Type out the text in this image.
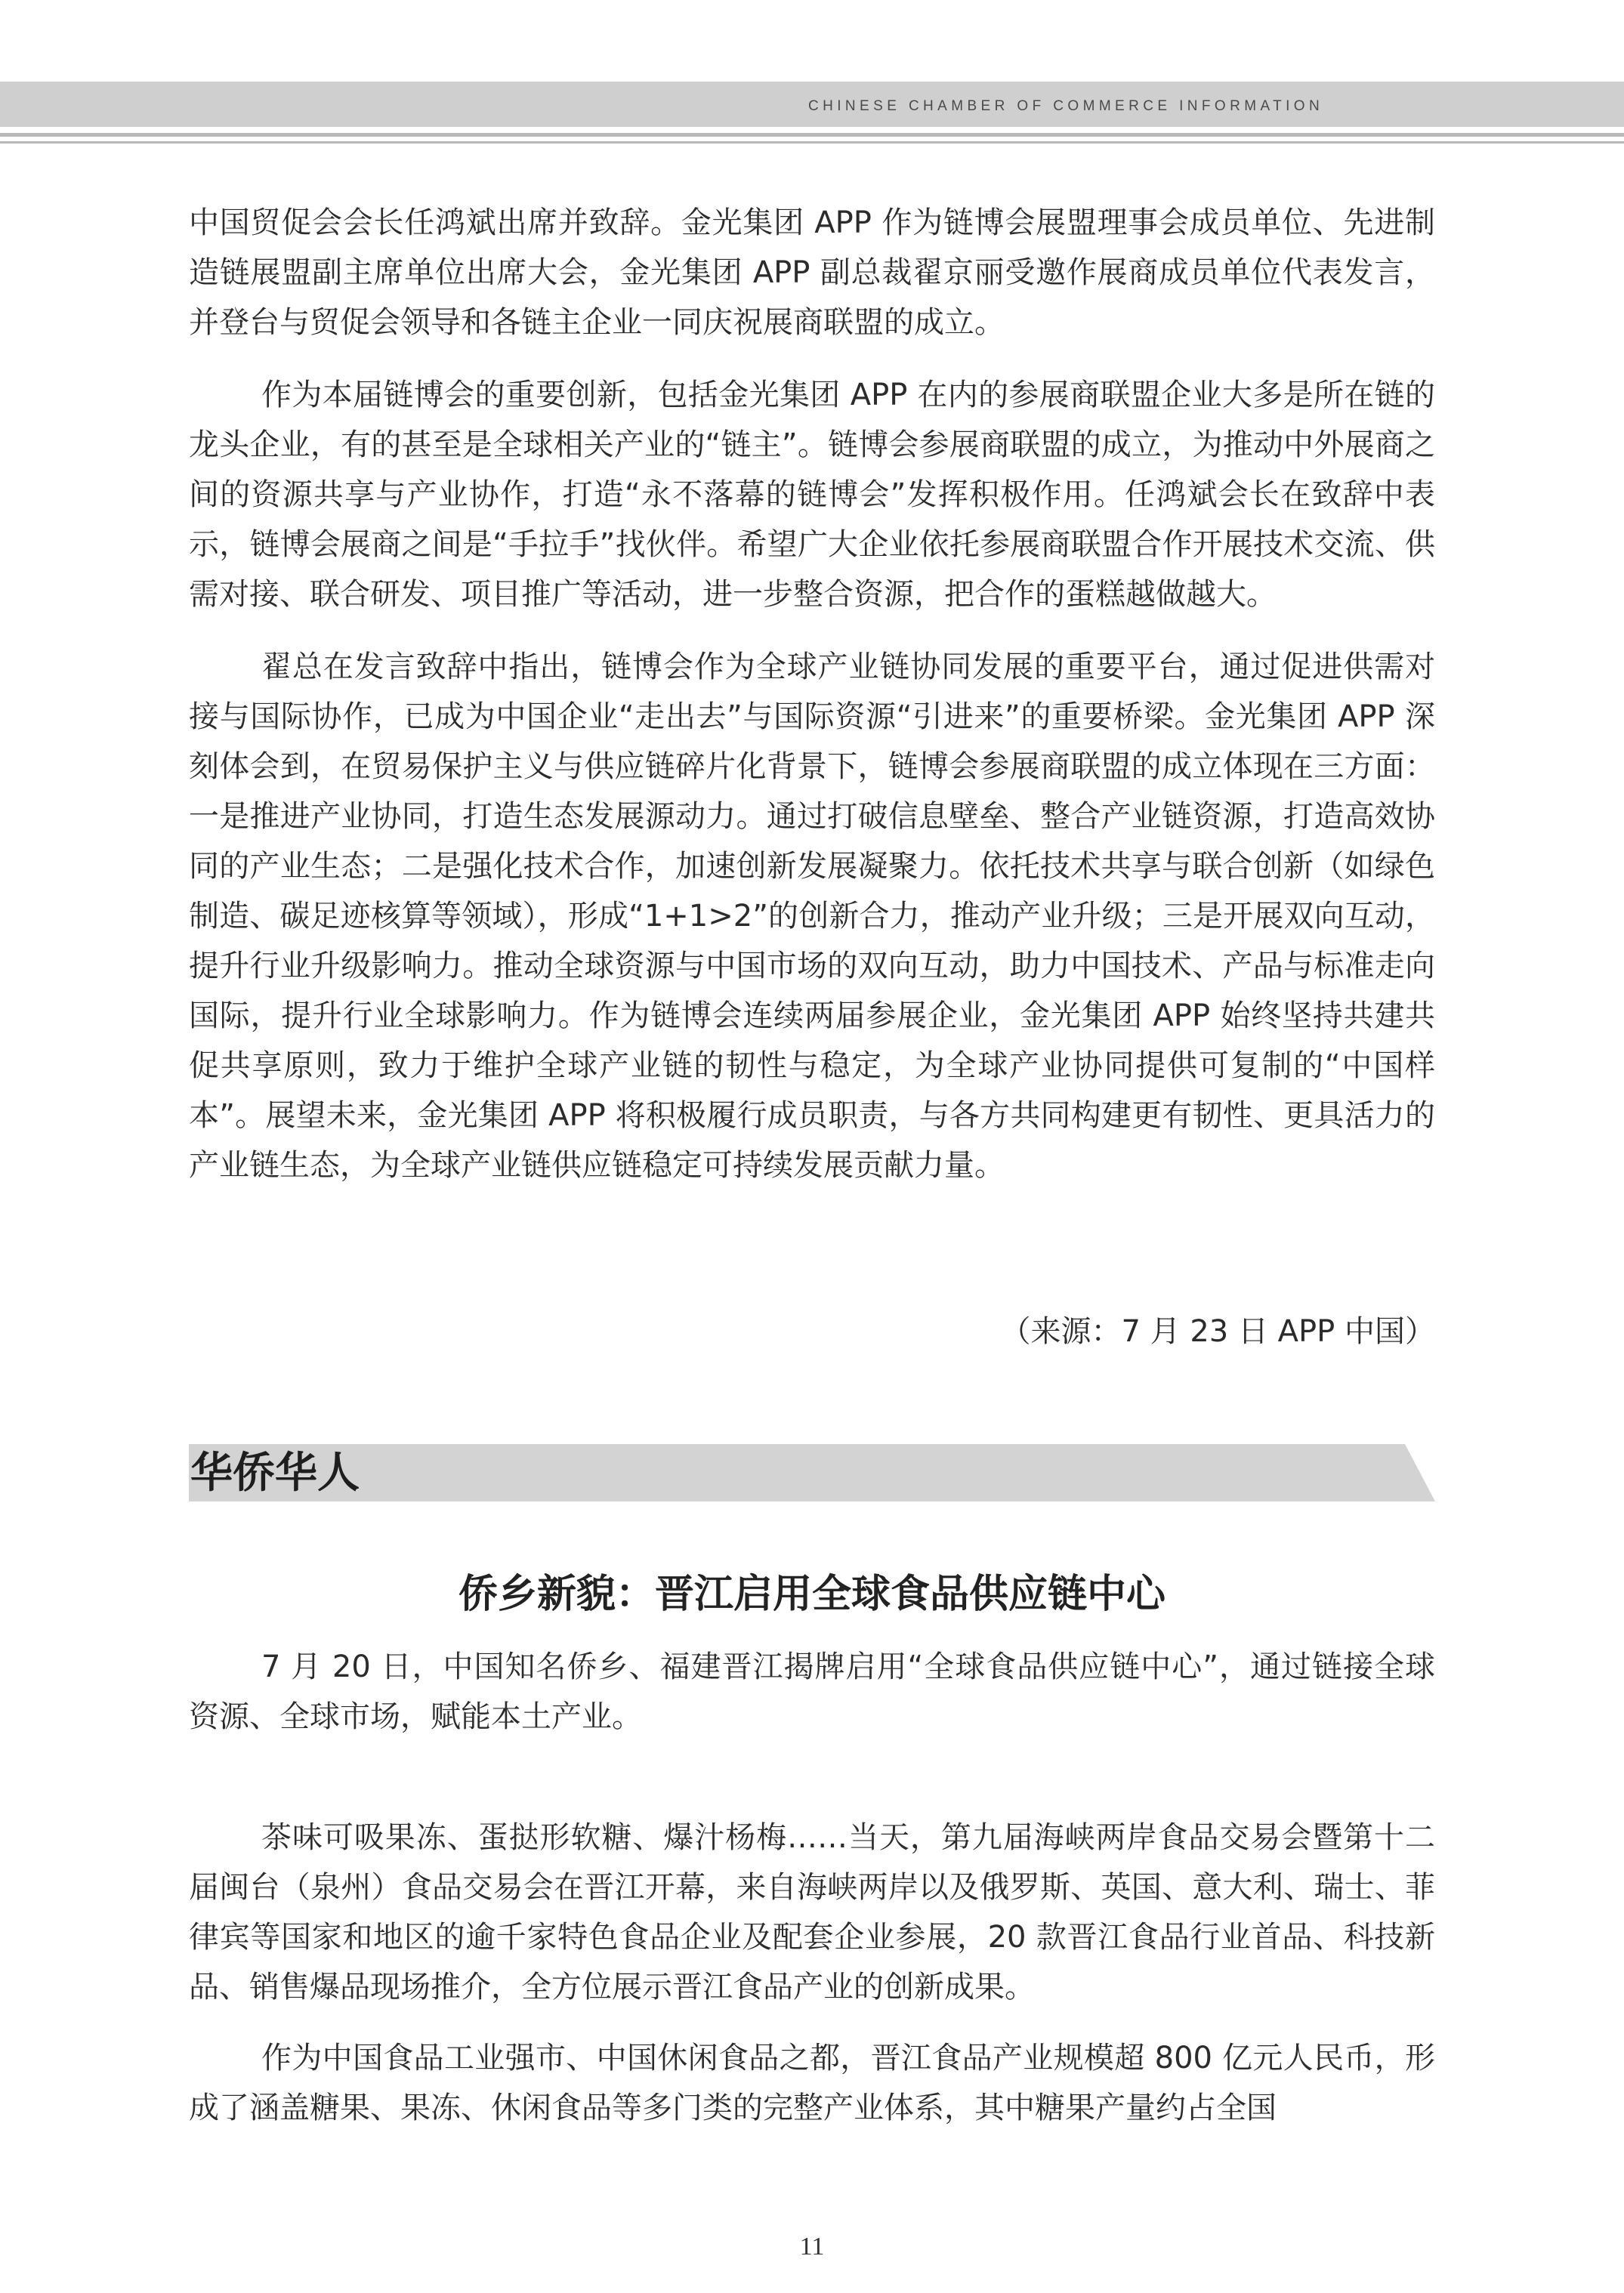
CHINESE CHAMBER OF COMMERCE INFORMATION

中国贸促会会长任鸿斌出席并致辞。金光集团 APP 作为链博会展盟理事会成员单位、先进制造链展盟副主席单位出席大会，金光集团 APP 副总裁翟京丽受邀作展商成员单位代表发言，并登台与贸促会领导和各链主企业一同庆祝展商联盟的成立。

作为本届链博会的重要创新，包括金光集团 APP 在内的参展商联盟企业大多是所在链的龙头企业，有的甚至是全球相关产业的“链主”。链博会参展商联盟的成立，为推动中外展商之间的资源共享与产业协作，打造“永不落幕的链博会”发挥积极作用。任鸿斌会长在致辞中表示，链博会展商之间是“手拉手”找伙伴。希望广大企业依托参展商联盟合作开展技术交流、供需对接、联合研发、项目推广等活动，进一步整合资源，把合作的蛋糕越做越大。

翟总在发言致辞中指出，链博会作为全球产业链协同发展的重要平台，通过促进供需对接与国际协作，已成为中国企业“走出去”与国际资源“引进来”的重要桥梁。金光集团 APP 深刻体会到，在贸易保护主义与供应链碎片化背景下，链博会参展商联盟的成立体现在三方面：一是推进产业协同，打造生态发展源动力。通过打破信息壁垒、整合产业链资源，打造高效协同的产业生态；二是强化技术合作，加速创新发展凝聚力。依托技术共享与联合创新（如绿色制造、碳足迹核算等领域），形成“1+1>2”的创新合力，推动产业升级；三是开展双向互动，提升行业升级影响力。推动全球资源与中国市场的双向互动，助力中国技术、产品与标准走向国际，提升行业全球影响力。作为链博会连续两届参展企业，金光集团 APP 始终坚持共建共促共享原则，致力于维护全球产业链的韧性与稳定，为全球产业协同提供可复制的“中国样本”。展望未来，金光集团 APP 将积极履行成员职责，与各方共同构建更有韧性、更具活力的产业链生态，为全球产业链供应链稳定可持续发展贡献力量。

（来源：7 月 23 日 APP 中国）
华侨华人
侨乡新貌：晋江启用全球食品供应链中心

7 月 20 日，中国知名侨乡、福建晋江揭牌启用“全球食品供应链中心”，通过链接全球资源、全球市场，赋能本土产业。

茶味可吸果冻、蛋挞形软糖、爆汁杨梅……当天，第九届海峡两岸食品交易会暨第十二届闽台（泉州）食品交易会在晋江开幕，来自海峡两岸以及俄罗斯、英国、意大利、瑞士、菲律宾等国家和地区的逾千家特色食品企业及配套企业参展，20 款晋江食品行业首品、科技新品、销售爆品现场推介，全方位展示晋江食品产业的创新成果。

作为中国食品工业强市、中国休闲食品之都，晋江食品产业规模超 800 亿元人民币，形成了涵盖糖果、果冻、休闲食品等多门类的完整产业体系，其中糖果产量约占全国

11
